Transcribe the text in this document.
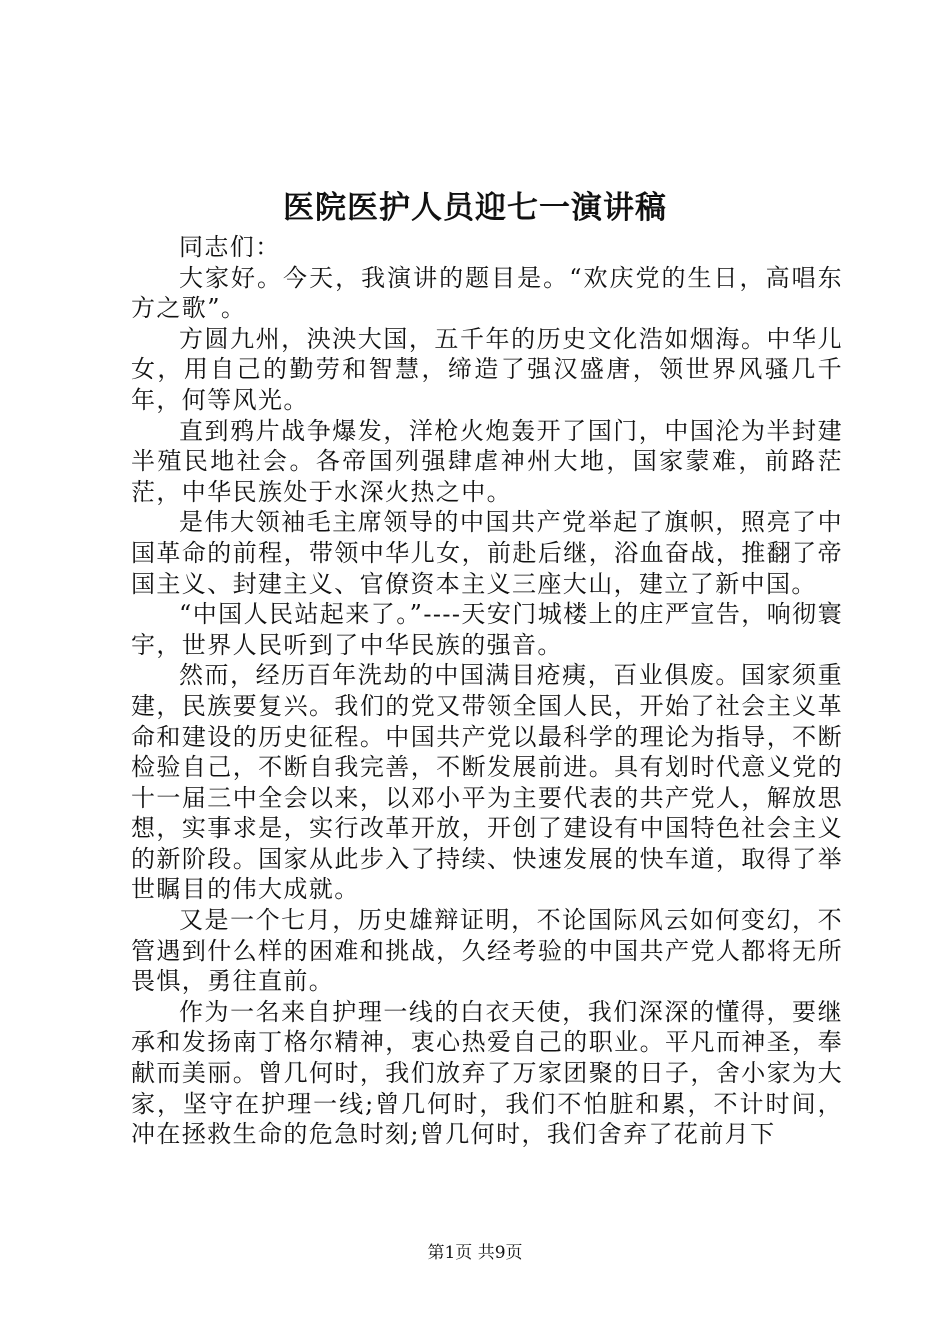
医院医护人员迎七一演讲稿

同志们：

大家好。今天，我演讲的题目是。“欢庆党的生日，高唱东方之歌”。

方圆九州，泱泱大国，五千年的历史文化浩如烟海。中华儿女，用自己的勤劳和智慧，缔造了强汉盛唐，领世界风骚几千年，何等风光。

直到鸦片战争爆发，洋枪火炮轰开了国门，中国沦为半封建半殖民地社会。各帝国列强肆虐神州大地，国家蒙难，前路茫茫，中华民族处于水深火热之中。

是伟大领袖毛主席领导的中国共产党举起了旗帜，照亮了中国革命的前程，带领中华儿女，前赴后继，浴血奋战，推翻了帝国主义、封建主义、官僚资本主义三座大山，建立了新中国。

“中国人民站起来了。”----天安门城楼上的庄严宣告，响彻寰宇，世界人民听到了中华民族的强音。

然而，经历百年洗劫的中国满目疮痍，百业俱废。国家须重建，民族要复兴。我们的党又带领全国人民，开始了社会主义革命和建设的历史征程。中国共产党以最科学的理论为指导，不断检验自己，不断自我完善，不断发展前进。具有划时代意义党的十一届三中全会以来，以邓小平为主要代表的共产党人，解放思想，实事求是，实行改革开放，开创了建设有中国特色社会主义的新阶段。国家从此步入了持续、快速发展的快车道，取得了举世瞩目的伟大成就。

又是一个七月，历史雄辩证明，不论国际风云如何变幻，不管遇到什么样的困难和挑战，久经考验的中国共产党人都将无所畏惧，勇往直前。

作为一名来自护理一线的白衣天使，我们深深的懂得，要继承和发扬南丁格尔精神，衷心热爱自己的职业。平凡而神圣，奉献而美丽。曾几何时，我们放弃了万家团聚的日子，舍小家为大家，坚守在护理一线;曾几何时，我们不怕脏和累，不计时间，冲在拯救生命的危急时刻;曾几何时，我们舍弃了花前月下

第1页 共9页
